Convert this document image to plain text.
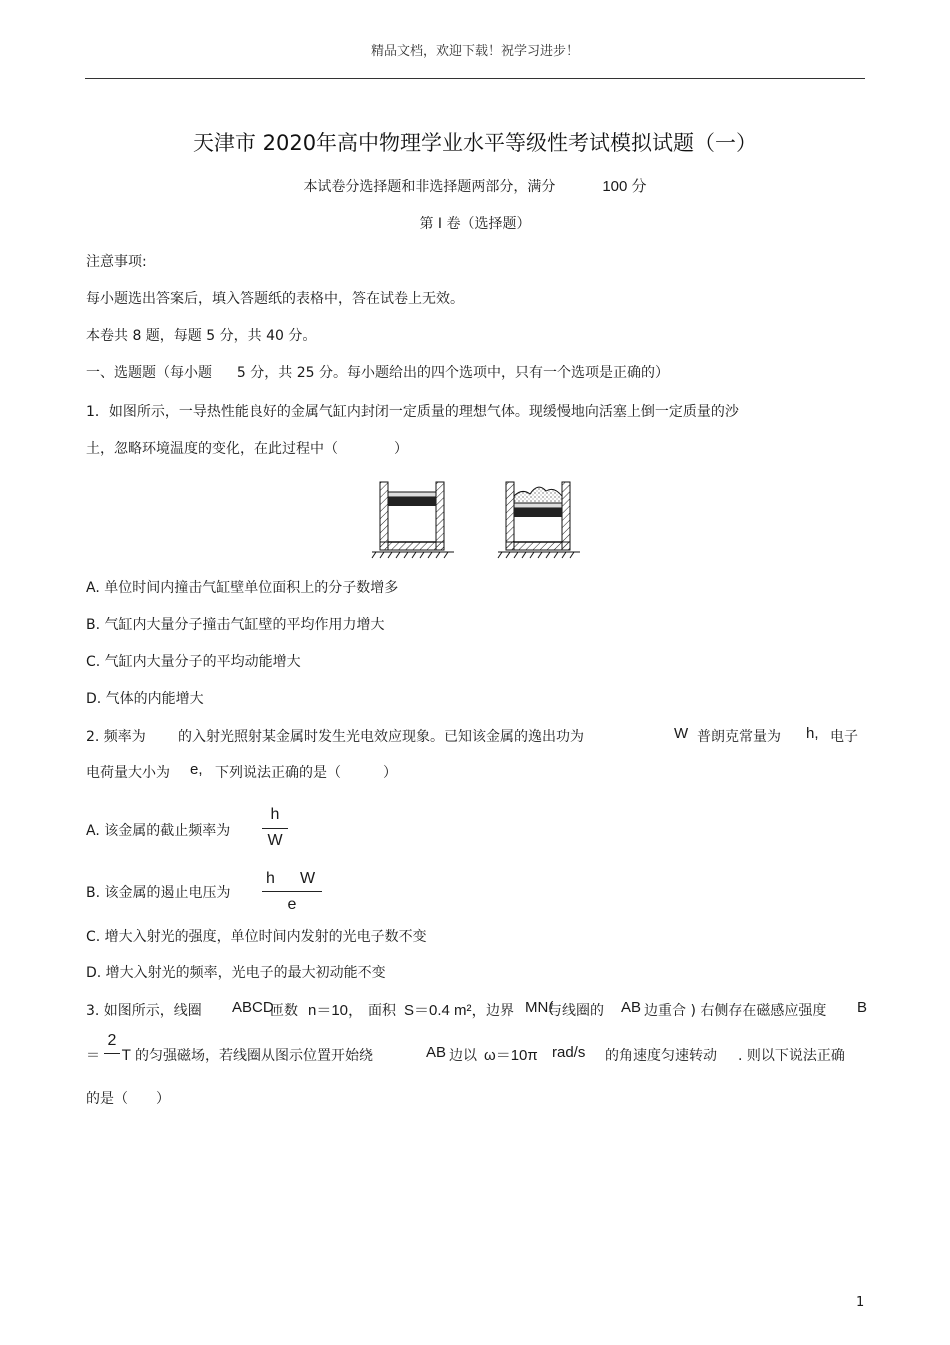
精品文档，欢迎下载！祝学习进步！
天津市 2020年高中物理学业水平等级性考试模拟试题（一）
本试卷分选择题和非选择题两部分，满分	100 分
第 I 卷（选择题）
注意事项:
每小题选出答案后，填入答题纸的表格中，答在试卷上无效。
本卷共 8 题，每题 5 分，共 40 分。
一、选题题（每小题 5 分，共 25 分。每小题给出的四个选项中，只有一个选项是正确的）
1．如图所示，一导热性能良好的金属气缸内封闭一定质量的理想气体。现缓慢地向活塞上倒一定质量的沙
土，忽略环境温度的变化，在此过程中（　　　　）
A. 单位时间内撞击气缸壁单位面积上的分子数增多
B. 气缸内大量分子撞击气缸壁的平均作用力增大
C. 气缸内大量分子的平均动能增大
D. 气体的内能增大
2. 频率为 的入射光照射某金属时发生光电效应现象。已知该金属的逸出功为	W 普朗克常量为 h, 电子
电荷量大小为 e, 下列说法正确的是（　　　）
A. 该金属的截止频率为
h
W
B. 该金属的遏止电压为
h W
e
C. 增大入射光的强度，单位时间内发射的光电子数不变
D. 增大入射光的频率，光电子的最大初动能不变
3. 如图所示，线圈 ABCD
匝数 n＝10， 面积 S＝0.4 m²， 边界 MN(
与线圈的 AB 边重合 ) 右侧存在磁感应强度 B
＝
2
T 的匀强磁场，若线圈从图示位置开始绕	AB 边以 ω＝10π rad/s 的角速度匀速转动 . 则以下说法正确
的是（　　）
1
